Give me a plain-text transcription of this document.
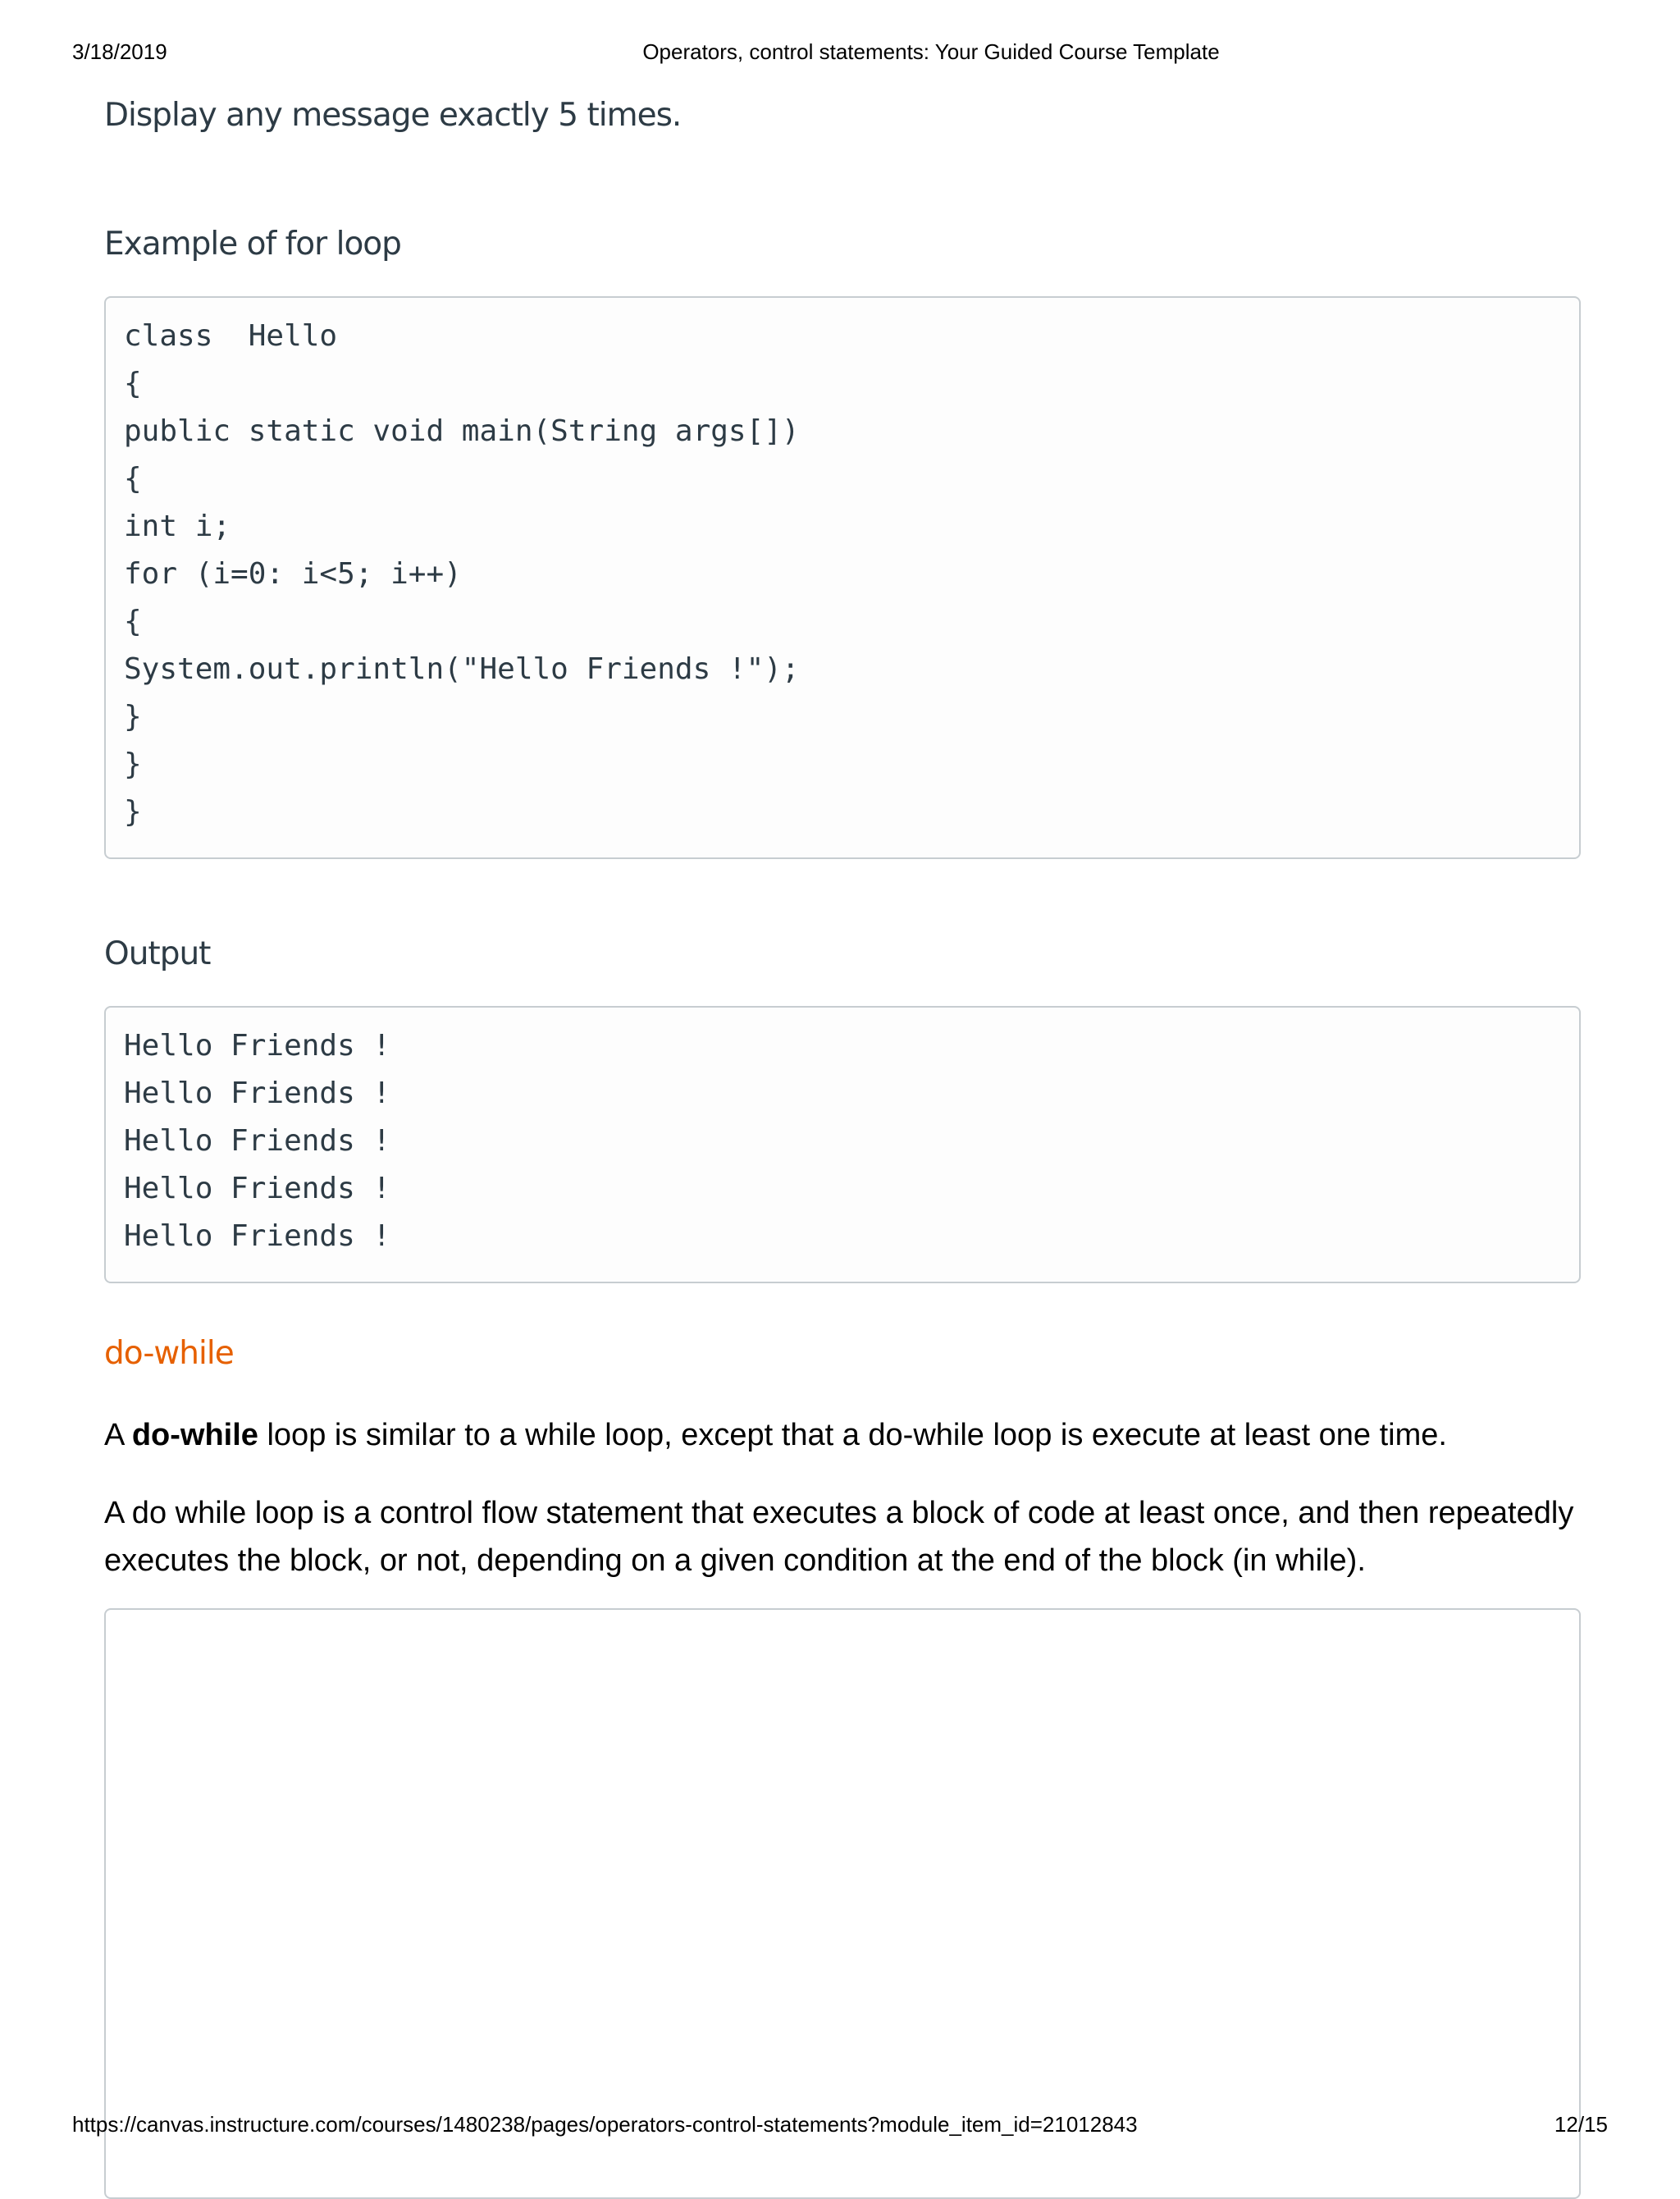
3/18/2019	Operators, control statements: Your Guided Course Template
Display any message exactly 5 times.
Example of for loop
class  Hello
{
public static void main(String args[])
{
int i;
for (i=0: i<5; i++)
{
System.out.println("Hello Friends !");
}
}
}
Output
Hello Friends !
Hello Friends !
Hello Friends !
Hello Friends !
Hello Friends !
do-while
A do-while loop is similar to a while loop, except that a do-while loop is execute at least one time.
A do while loop is a control flow statement that executes a block of code at least once, and then repeatedly executes the block, or not, depending on a given condition at the end of the block (in while).
https://canvas.instructure.com/courses/1480238/pages/operators-control-statements?module_item_id=21012843	12/15
